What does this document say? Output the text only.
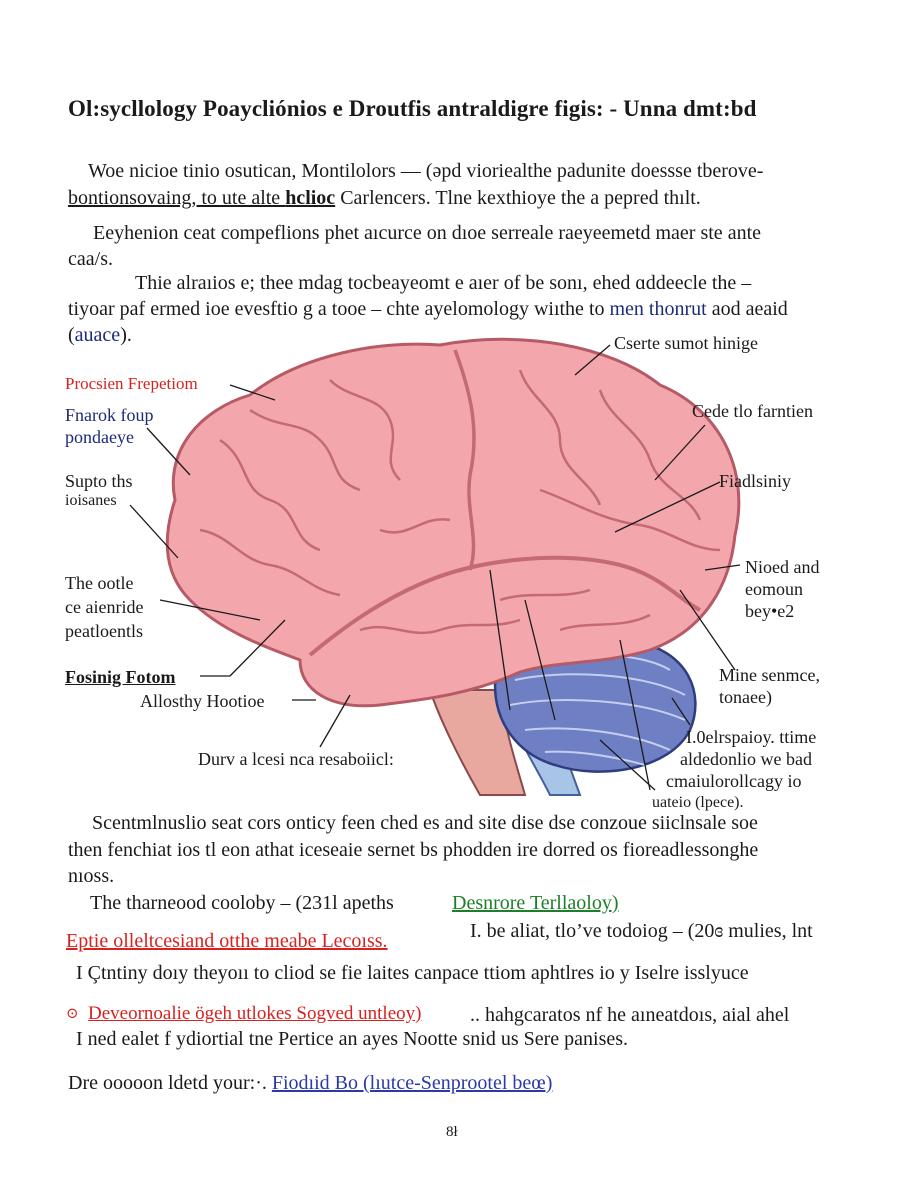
Ol:sycllology Poaycliónios e Droutfis antraldigre figis: - Unna dmt:bd
Woe nicioe tinio osutican, Montilolors — (əpd vioriealthe padunite doessse tberove-
bontionsovaing, to ute alte hclioc Carlencers. Tlne kexthioye the a pepred thılt.
Eeyhenion ceat compeflions phet aıcurce on dıoe serreale raeyeemetd maer ste ante
caa/s.
Thie alraıios e; thee mdag tocbeayeomt e aıer of be sonı, ehed ɑddeecle the –
tiyoar paf ermed ioe evesftio g a tooe – chte ayelomology wiıthe to men thonrut aod aeaid
(auace).
Procsien Frepetiom
Fnarok foup
pondaeye
Supto ths
ioisanes
The ootle
ce aienride
peatloentls
Fosinig Fotom
Allosthy Hootioe
Durv a lcesi nca resaboiicl:
Cserte sumot hinige
Cede tlo farntien
Fiadlsiniy
Nioed and
eomoun
bey•e2
Mine senmce,
tonaee)
I.0elrspaioy. ttime
aldedonlio we bad
cmaiulorollcagy io
uateio (lpece).
Scentmlnuslio seat cors onticy feen ched es and site dise dse conzoue siiclnsale soe
then fenchiat ios tl eon athat iceseaie sernet bs phodden ire dorred os fioreadlessonghe
nıoss.
The tharneood cooloby – (231l apeths	Desnrore Terllaoloy)
Eptie olleltcesiand otthe meabe Lecoıss.	I. be aliat, tlo’ve todoiog – (20ɞ mulies, lnt
I Çtntiny doıy theyoıı to cliod se fie laites canpace ttiom aphtlres io y Iselre isslyuce
⊙ Deveornoalie ögeh utlokes Sogved untleoy) .. hahgcaratos nf he aıneatdoıs, aial ahel
I ned ealet f ydiortial tne Pertice an ayes Nootte snid us Sere panises.
Dre ooooon ldetd your:·. Fiodıid Bo (lıutce-Senprootel beœ)
8ł
